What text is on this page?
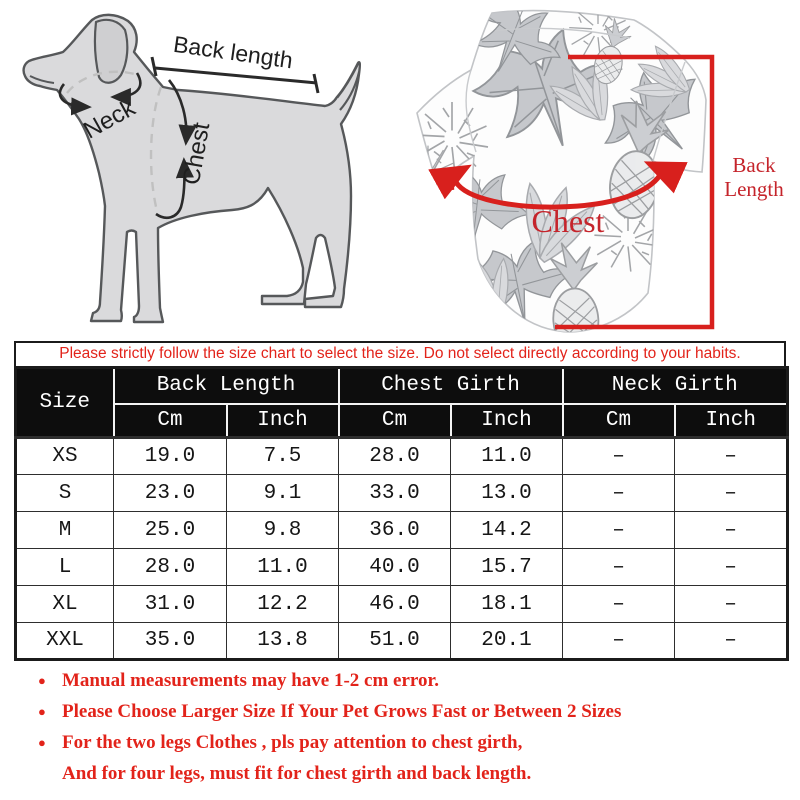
Back length
Neck
Chest
Chest
Back
Length
Please strictly follow the size chart to select the size. Do not select directly according to your habits.
Size	Back Length		Chest Girth		Neck Girth	
	Cm	Inch	Cm	Inch	Cm	Inch
XS	19.0	7.5	28.0	11.0	–	–
S	23.0	9.1	33.0	13.0	–	–
M	25.0	9.8	36.0	14.2	–	–
L	28.0	11.0	40.0	15.7	–	–
XL	31.0	12.2	46.0	18.1	–	–
XXL	35.0	13.8	51.0	20.1	–	–
● Manual measurements may have 1-2 cm error.
● Please Choose Larger Size If Your Pet Grows Fast or Between 2 Sizes
● For the two legs Clothes , pls pay attention to chest girth,
And for four legs, must fit for chest girth and back length.
